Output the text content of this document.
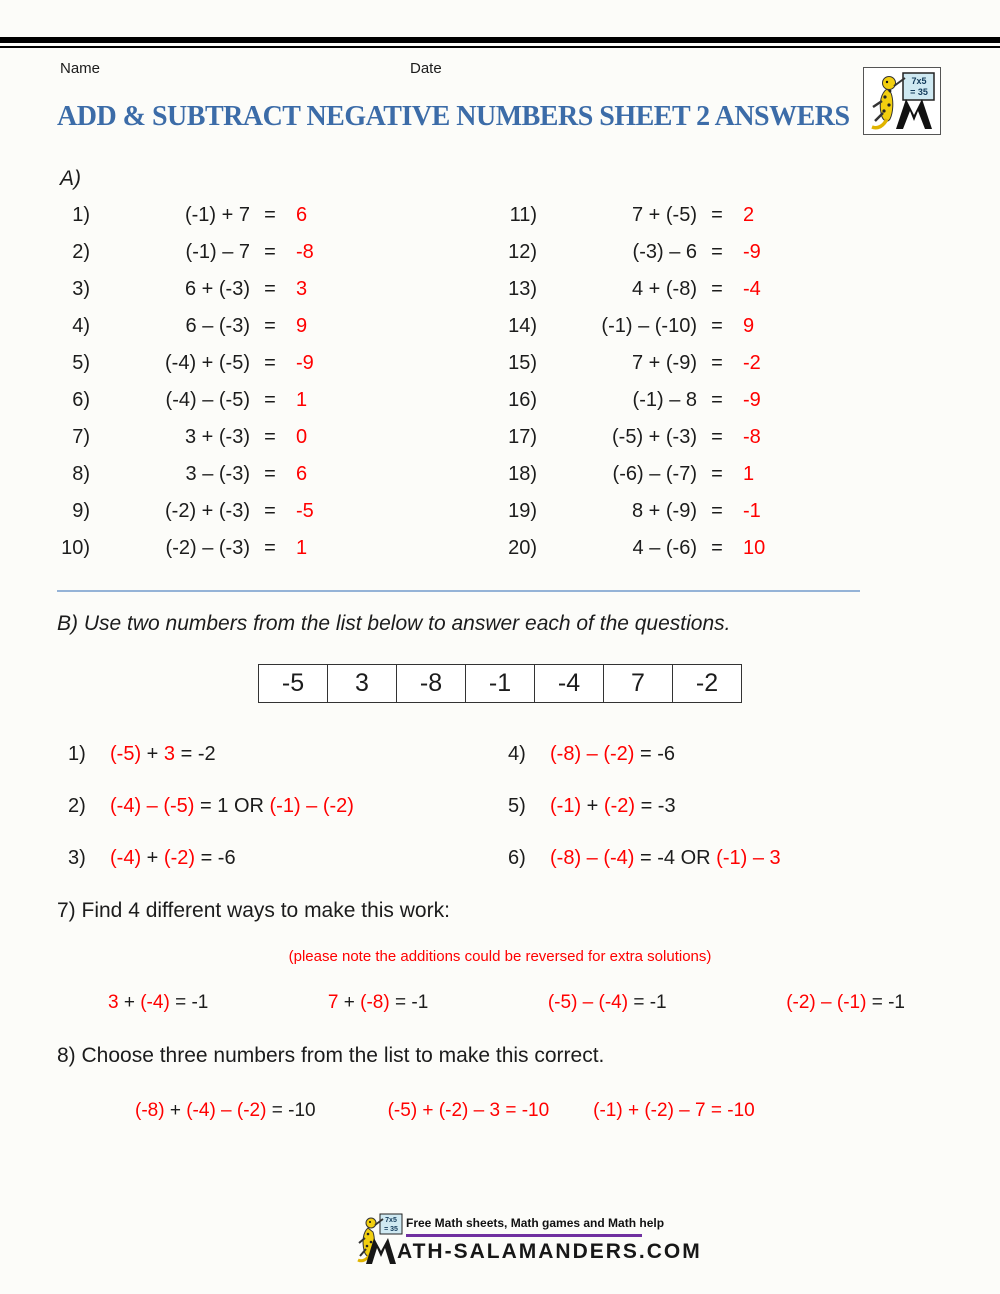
Name	Date
7x5
= 35
ADD & SUBTRACT NEGATIVE NUMBERS SHEET 2 ANSWERS
A)
1)	(-1) + 7 =	6
2)	(-1) – 7 =	-8
3)	6 + (-3) =	3
4)	6 – (-3) =	9
5)	(-4) + (-5) =	-9
6)	(-4) – (-5) =	1
7)	3 + (-3) =	0
8)	3 – (-3) =	6
9)	(-2) + (-3) =	-5
10)	(-2) – (-3) =	1
11)	7 + (-5) =	2
12)	(-3) – 6 =	-9
13)	4 + (-8) =	-4
14)	(-1) – (-10) =	9
15)	7 + (-9) =	-2
16)	(-1) – 8 =	-9
17)	(-5) + (-3) =	-8
18)	(-6) – (-7) =	1
19)	8 + (-9) =	-1
20)	4 – (-6) =	10
B) Use two numbers from the list below to answer each of the questions.
-5	3	-8	-1	-4	7	-2
1)	(-5) + 3 = -2	4)	(-8) – (-2) = -6
2)	(-4) – (-5) = 1 OR (-1) – (-2)	5)	(-1) + (-2) = -3
3)	(-4) + (-2) = -6	6)	(-8) – (-4) = -4 OR (-1) – 3
7) Find 4 different ways to make this work:
(please note the additions could be reversed for extra solutions)
3 + (-4) = -1	7 + (-8) = -1	(-5) – (-4) = -1	(-2) – (-1) = -1
8) Choose three numbers from the list to make this correct.
(-8) + (-4) – (-2) = -10	(-5) + (-2) – 3 = -10 (-1) + (-2) – 7 = -10
7x5
= 35 Free Math sheets, Math games and Math help
ATH-SALAMANDERS.COM
